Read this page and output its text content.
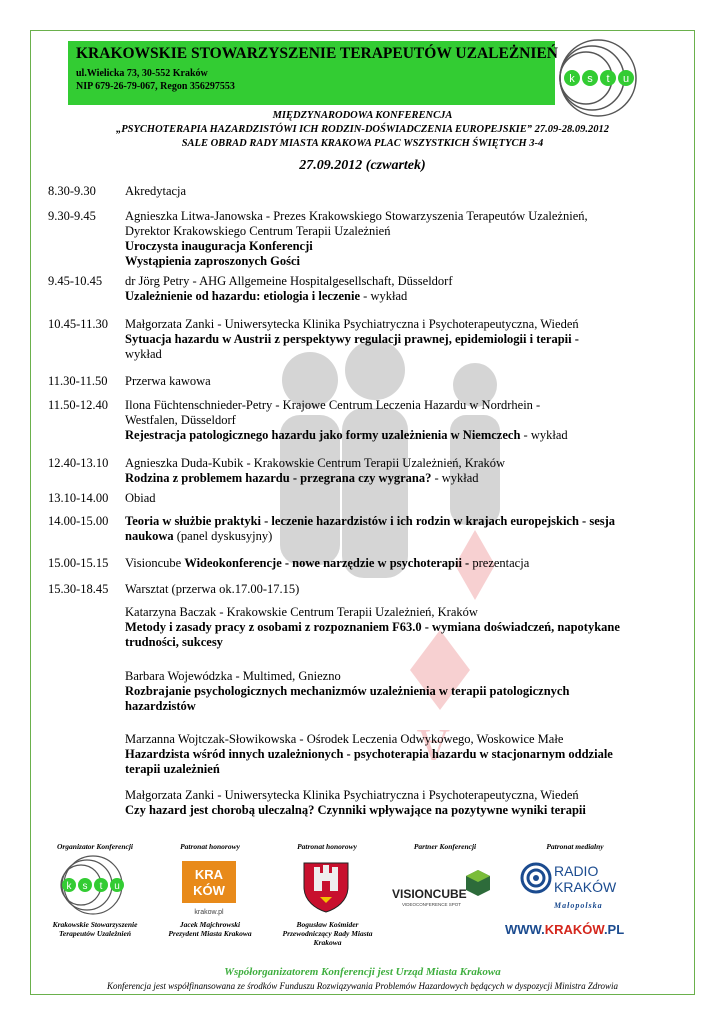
A
KRAKOWSKIE STOWARZYSZENIE TERAPEUTÓW UZALEŻNIEŃ
ul.Wielicka 73, 30-552 Kraków
NIP 679-26-79-067, Regon 356297553
k s t u
MIĘDZYNARODOWA KONFERENCJA
„PSYCHOTERAPIA HAZARDZISTÓWI ICH RODZIN-DOŚWIADCZENIA EUROPEJSKIE” 27.09-28.09.2012
SALE OBRAD RADY MIASTA KRAKOWA PLAC WSZYSTKICH ŚWIĘTYCH 3-4
27.09.2012 (czwartek)
8.30-9.30	Akredytacja
9.30-9.45	Agnieszka Litwa-Janowska - Prezes Krakowskiego Stowarzyszenia Terapeutów Uzależnień,
Dyrektor Krakowskiego Centrum Terapii Uzależnień
Uroczysta inauguracja Konferencji
Wystąpienia zaproszonych Gości
9.45-10.45	dr Jörg Petry - AHG Allgemeine Hospitalgesellschaft, Düsseldorf
Uzależnienie od hazardu: etiologia i leczenie - wykład
10.45-11.30	Małgorzata Zanki - Uniwersytecka Klinika Psychiatryczna i Psychoterapeutyczna, Wiedeń
Sytuacja hazardu w Austrii z perspektywy regulacji prawnej, epidemiologii i terapii -
wykład
11.30-11.50	Przerwa kawowa
11.50-12.40	Ilona Füchtenschnieder-Petry - Krajowe Centrum Leczenia Hazardu w Nordrhein - Westfalen, Düsseldorf
Rejestracja patologicznego hazardu jako formy uzależnienia w Niemczech - wykład
12.40-13.10	Agnieszka Duda-Kubik - Krakowskie Centrum Terapii Uzależnień, Kraków
Rodzina z problemem hazardu - przegrana czy wygrana? - wykład
13.10-14.00	Obiad
14.00-15.00	Teoria w służbie praktyki - leczenie hazardzistów i ich rodzin w krajach europejskich - sesja naukowa (panel dyskusyjny)
15.00-15.15	Visioncube Wideokonferencje - nowe narzędzie w psychoterapii - prezentacja
15.30-18.45	Warsztat (przerwa ok.17.00-17.15)
Katarzyna Baczak - Krakowskie Centrum Terapii Uzależnień, Kraków
Metody i zasady pracy z osobami z rozpoznaniem F63.0 - wymiana doświadczeń, napotykane trudności, sukcesy
Barbara Wojewódzka - Multimed, Gniezno
Rozbrajanie psychologicznych mechanizmów uzależnienia w terapii patologicznych hazardzistów
Marzanna Wojtczak-Słowikowska - Ośrodek Leczenia Odwykowego, Woskowice Małe
Hazardzista wśród innych uzależnionych - psychoterapia hazardu w stacjonarnym oddziale terapii uzależnień
Małgorzata Zanki - Uniwersytecka Klinika Psychiatryczna i Psychoterapeutyczna, Wiedeń
Czy hazard jest chorobą uleczalną? Czynniki wpływające na pozytywne wyniki terapii
Organizator Konferencji	Patronat honorowy	Patronat honorowy	Partner Konferencji	Patronat medialny
k s t u
KRA
KÓW
krakow.pl
VISIONCUBE
VIDEOCONFERENCE SPOT
RADIO
KRAKÓW
Małopolska
Krakowskie Stowarzyszenie
Terapeutów Uzależnień
Jacek Majchrowski
Prezydent Miasta Krakowa
Bogusław Kośmider
Przewodniczący Rady Miasta
Krakowa
WWW.KRAKÓW.PL
Współorganizatorem Konferencji jest Urząd Miasta Krakowa
Konferencja jest współfinansowana ze środków Funduszu Rozwiązywania Problemów Hazardowych będących w dyspozycji Ministra Zdrowia
